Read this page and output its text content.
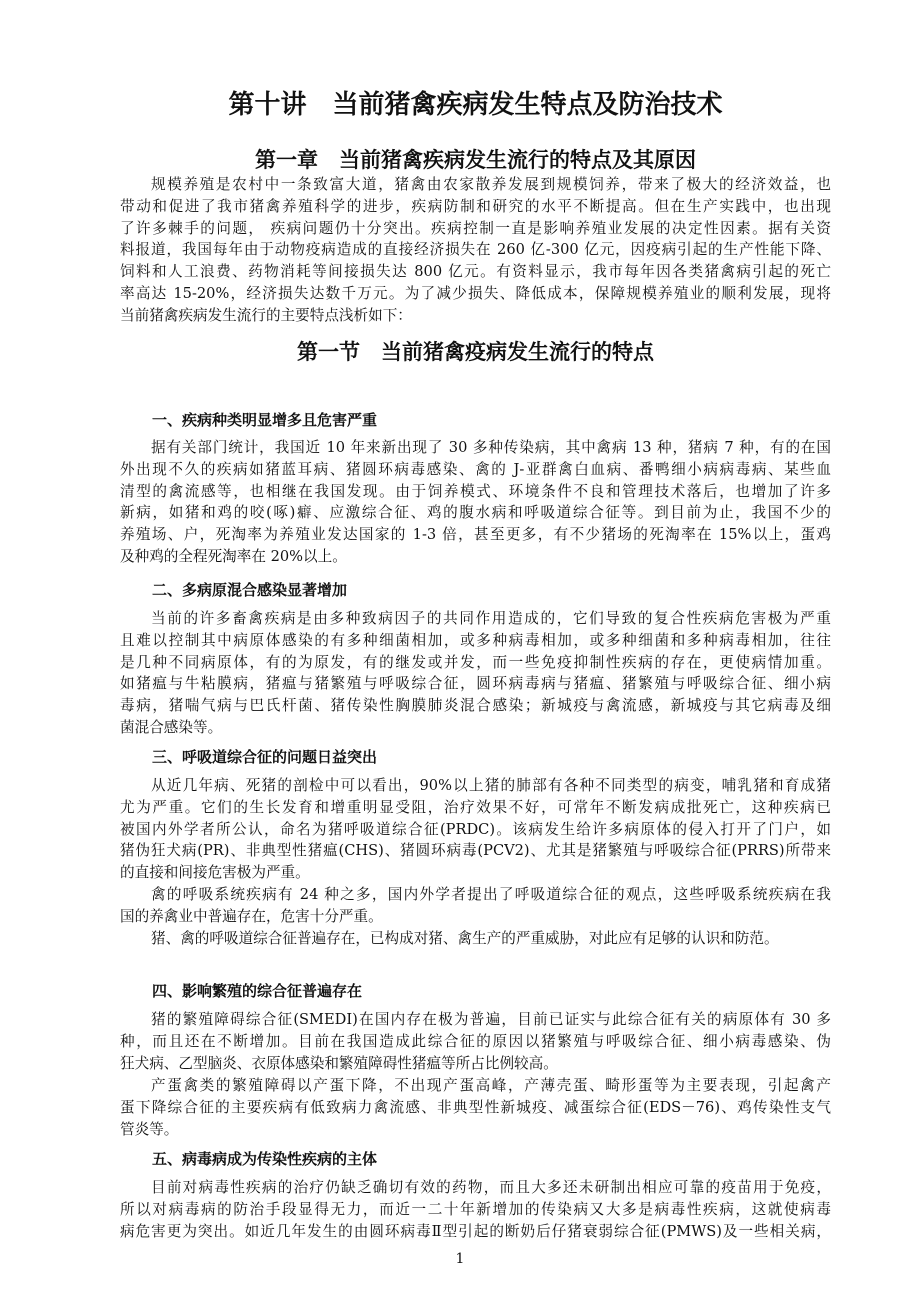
第十讲　当前猪禽疾病发生特点及防治技术
第一章　当前猪禽疾病发生流行的特点及其原因
规模养殖是农村中一条致富大道，猪禽由农家散养发展到规模饲养，带来了极大的经济效益，也
带动和促进了我市猪禽养殖科学的进步，疾病防制和研究的水平不断提高。但在生产实践中，也出现
了许多棘手的问题， 疾病问题仍十分突出。疾病控制一直是影响养殖业发展的决定性因素。据有关资
料报道，我国每年由于动物疫病造成的直接经济损失在 260 亿-300 亿元，因疫病引起的生产性能下降、
饲料和人工浪费、药物消耗等间接损失达 800 亿元。有资料显示，我市每年因各类猪禽病引起的死亡
率高达 15-20%，经济损失达数千万元。为了减少损失、降低成本，保障规模养殖业的顺利发展，现将
当前猪禽疾病发生流行的主要特点浅析如下：
第一节　当前猪禽疫病发生流行的特点
一、疾病种类明显增多且危害严重
据有关部门统计，我国近 10 年来新出现了 30 多种传染病，其中禽病 13 种，猪病 7 种，有的在国
外出现不久的疾病如猪蓝耳病、猪圆环病毒感染、禽的 J-亚群禽白血病、番鸭细小病病毒病、某些血
清型的禽流感等，也相继在我国发现。由于饲养模式、环境条件不良和管理技术落后，也增加了许多
新病，如猪和鸡的咬(啄)癖、应激综合征、鸡的腹水病和呼吸道综合征等。到目前为止，我国不少的
养殖场、户，死淘率为养殖业发达国家的 1-3 倍，甚至更多，有不少猪场的死淘率在 15%以上，蛋鸡
及种鸡的全程死淘率在 20%以上。
二、多病原混合感染显著增加
当前的许多畜禽疾病是由多种致病因子的共同作用造成的，它们导致的复合性疾病危害极为严重
且难以控制其中病原体感染的有多种细菌相加，或多种病毒相加，或多种细菌和多种病毒相加，往往
是几种不同病原体，有的为原发，有的继发或并发，而一些免疫抑制性疾病的存在，更使病情加重。
如猪瘟与牛粘膜病，猪瘟与猪繁殖与呼吸综合征，圆环病毒病与猪瘟、猪繁殖与呼吸综合征、细小病
毒病，猪喘气病与巴氏杆菌、猪传染性胸膜肺炎混合感染；新城疫与禽流感，新城疫与其它病毒及细
菌混合感染等。
三、呼吸道综合征的问题日益突出
从近几年病、死猪的剖检中可以看出，90%以上猪的肺部有各种不同类型的病变，哺乳猪和育成猪
尤为严重。它们的生长发育和增重明显受阻，治疗效果不好，可常年不断发病成批死亡，这种疾病已
被国内外学者所公认，命名为猪呼吸道综合征(PRDC)。该病发生给许多病原体的侵入打开了门户，如
猪伪狂犬病(PR)、非典型性猪瘟(CHS)、猪圆环病毒(PCV2)、尤其是猪繁殖与呼吸综合征(PRRS)所带来
的直接和间接危害极为严重。
禽的呼吸系统疾病有 24 种之多，国内外学者提出了呼吸道综合征的观点，这些呼吸系统疾病在我
国的养禽业中普遍存在，危害十分严重。
猪、禽的呼吸道综合征普遍存在，已构成对猪、禽生产的严重威胁，对此应有足够的认识和防范。
四、影响繁殖的综合征普遍存在
猪的繁殖障碍综合征(SMEDI)在国内存在极为普遍，目前已证实与此综合征有关的病原体有 30 多
种，而且还在不断增加。目前在我国造成此综合征的原因以猪繁殖与呼吸综合征、细小病毒感染、伪
狂犬病、乙型脑炎、衣原体感染和繁殖障碍性猪瘟等所占比例较高。
产蛋禽类的繁殖障碍以产蛋下降，不出现产蛋高峰，产薄壳蛋、畸形蛋等为主要表现，引起禽产
蛋下降综合征的主要疾病有低致病力禽流感、非典型性新城疫、减蛋综合征(EDS－76)、鸡传染性支气
管炎等。
五、病毒病成为传染性疾病的主体
目前对病毒性疾病的治疗仍缺乏确切有效的药物，而且大多还未研制出相应可靠的疫苗用于免疫，
所以对病毒病的防治手段显得无力，而近一二十年新增加的传染病又大多是病毒性疾病，这就使病毒
病危害更为突出。如近几年发生的由圆环病毒Ⅱ型引起的断奶后仔猪衰弱综合征(PMWS)及一些相关病，
1
